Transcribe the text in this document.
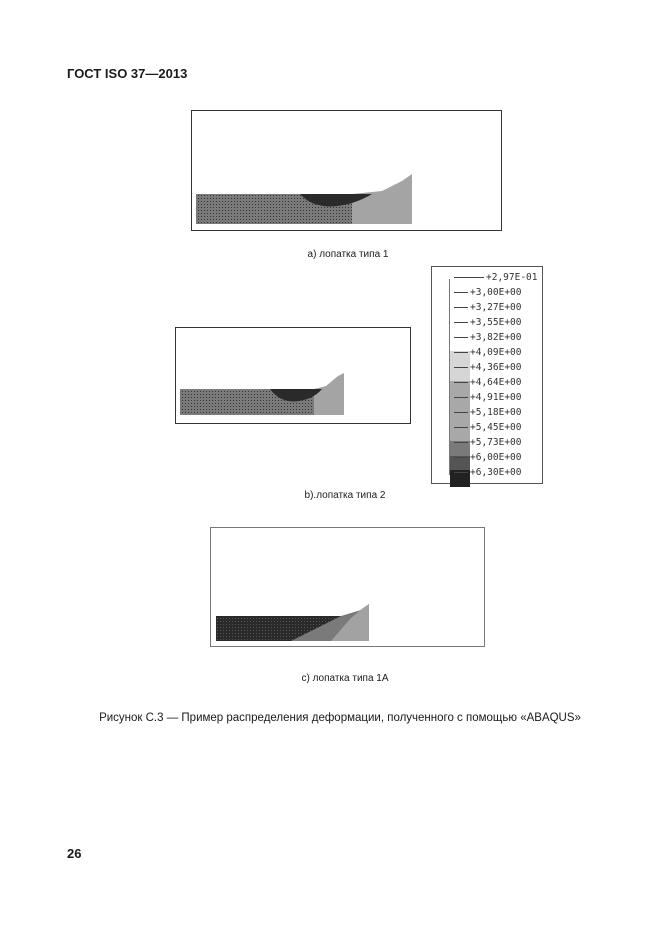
ГОСТ ISO 37—2013
а) лопатка типа 1
+2,97E-01
+3,00E+00
+3,27E+00
+3,55E+00
+3,82E+00
+4,09E+00
+4,36E+00
+4,64E+00
+4,91E+00
+5,18E+00
+5,45E+00
+5,73E+00
+6,00E+00
+6,30E+00
b).лопатка типа 2
с) лопатка типа 1А
Рисунок С.3 — Пример распределения деформации, полученного с помощью «ABAQUS»
26
